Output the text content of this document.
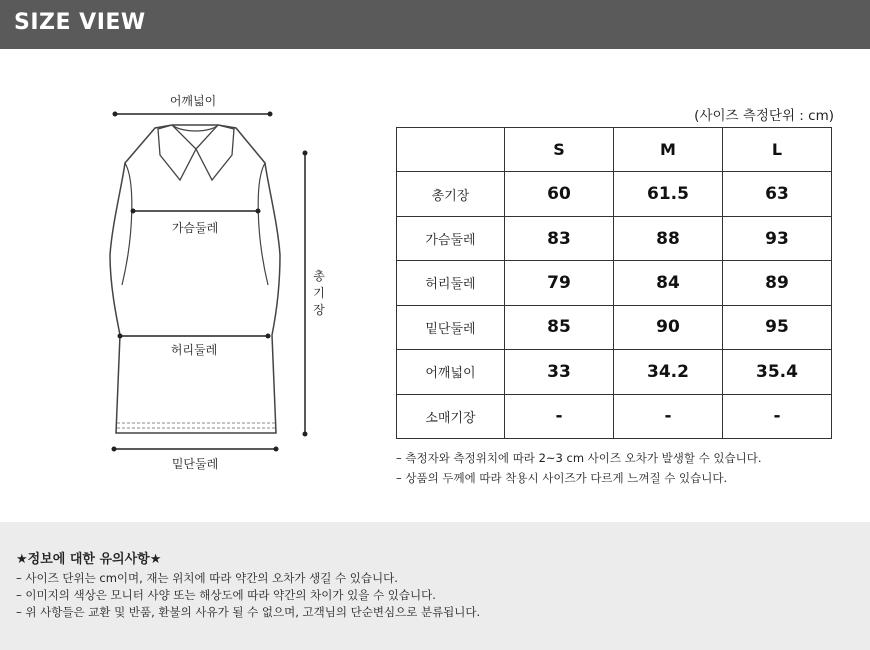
SIZE VIEW
어깨넓이
가슴둘레
허리둘레
밑단둘레
총기장
(사이즈 측정단위 : cm)
	S	M	L
총기장	60	61.5	63
가슴둘레	83	88	93
허리둘레	79	84	89
밑단둘레	85	90	95
어깨넓이	33	34.2	35.4
소매기장	-	-	-
– 측정자와 측정위치에 따라 2~3 cm 사이즈 오차가 발생할 수 있습니다.
– 상품의 두께에 따라 착용시 사이즈가 다르게 느껴질 수 있습니다.
★정보에 대한 유의사항★
– 사이즈 단위는 cm이며, 재는 위치에 따라 약간의 오차가 생길 수 있습니다.
– 이미지의 색상은 모니터 사양 또는 해상도에 따라 약간의 차이가 있을 수 있습니다.
– 위 사항들은 교환 및 반품, 환불의 사유가 될 수 없으며, 고객님의 단순변심으로 분류됩니다.
